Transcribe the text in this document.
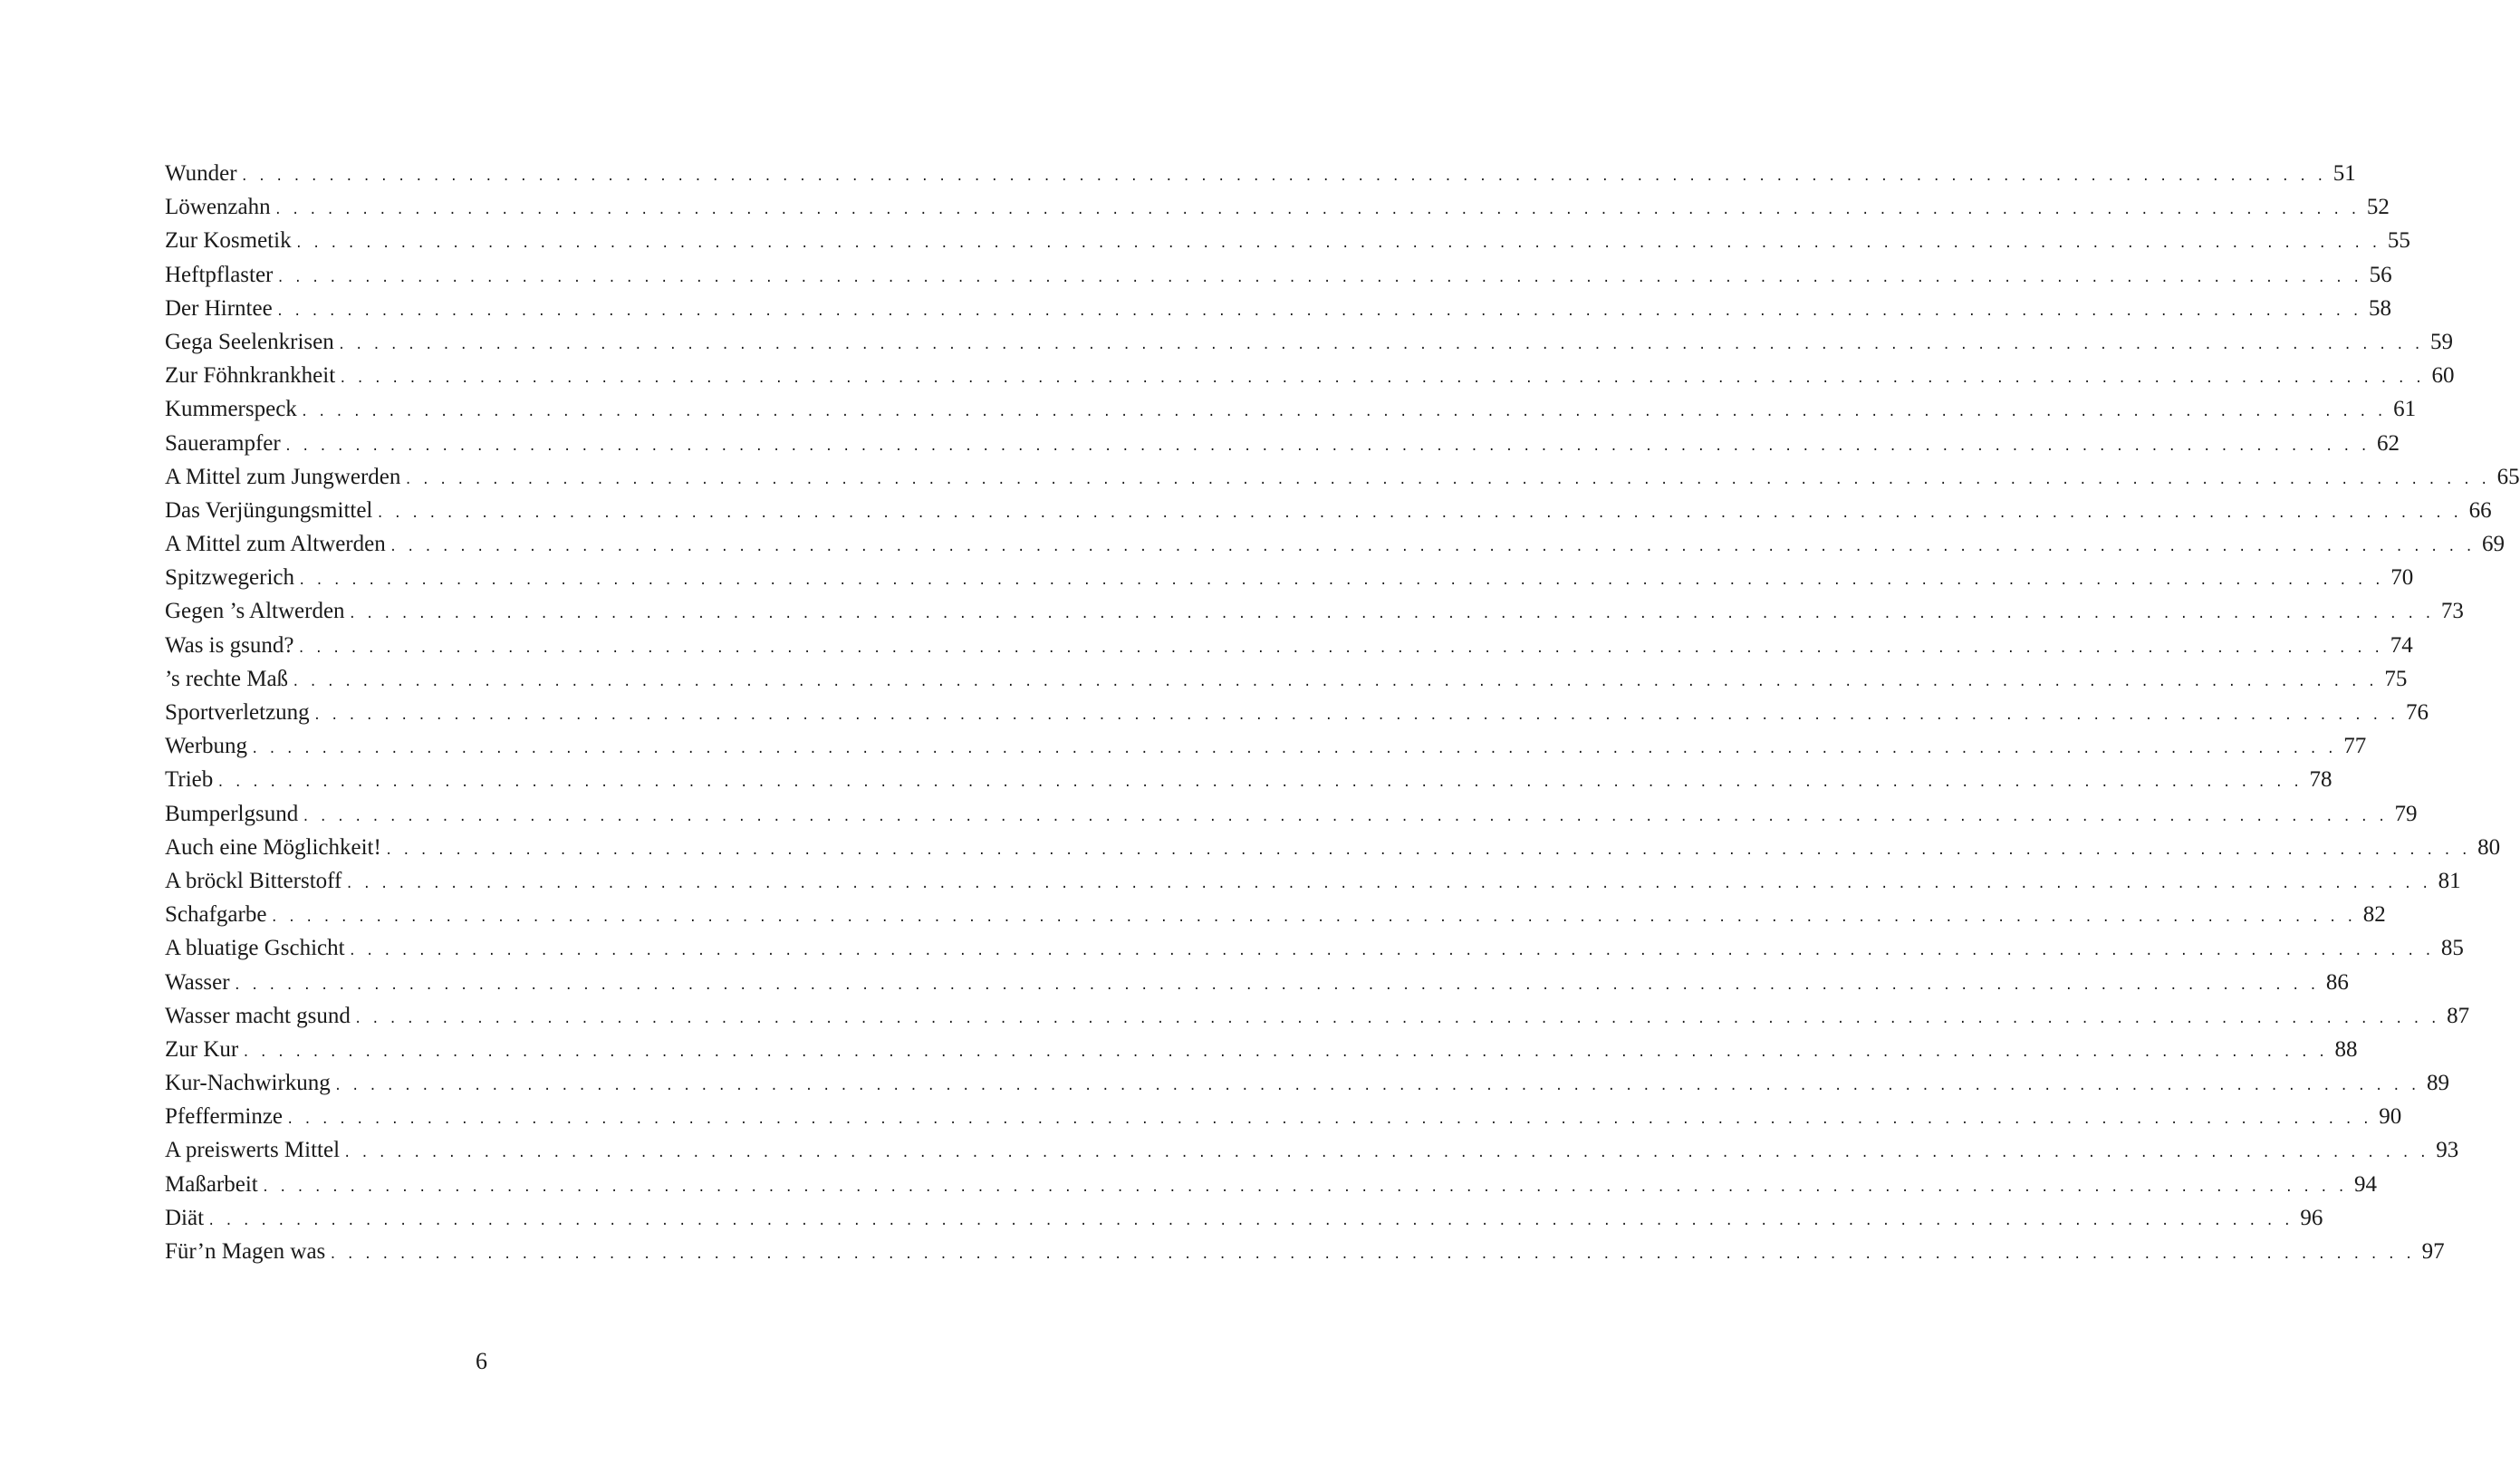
Wunder . . . . . . . . . . . . . . . . . . . . . . . . . . . . . . . . . . . . . . . . . . . . . . . . . . . . . . . . . . . . . . . . . . . . . . . . . . . . . . . . . . . . . . . . . . . . . . . . . . . . . . . . . . . . . . . . . . . . . . . . 51
Löwenzahn . . . . . . . . . . . . . . . . . . . . . . . . . . . . . . . . . . . . . . . . . . . . . . . . . . . . . . . . . . . . . . . . . . . . . . . . . . . . . . . . . . . . . . . . . . . . . . . . . . . . . . . . . . . . . . . . . . . . . . . . 52
Zur Kosmetik . . . . . . . . . . . . . . . . . . . . . . . . . . . . . . . . . . . . . . . . . . . . . . . . . . . . . . . . . . . . . . . . . . . . . . . . . . . . . . . . . . . . . . . . . . . . . . . . . . . . . . . . . . . . . . . . . . . . . . . . 55
Heftpflaster . . . . . . . . . . . . . . . . . . . . . . . . . . . . . . . . . . . . . . . . . . . . . . . . . . . . . . . . . . . . . . . . . . . . . . . . . . . . . . . . . . . . . . . . . . . . . . . . . . . . . . . . . . . . . . . . . . . . . . . . 56
Der Hirntee . . . . . . . . . . . . . . . . . . . . . . . . . . . . . . . . . . . . . . . . . . . . . . . . . . . . . . . . . . . . . . . . . . . . . . . . . . . . . . . . . . . . . . . . . . . . . . . . . . . . . . . . . . . . . . . . . . . . . . . . 58
Gega Seelenkrisen . . . . . . . . . . . . . . . . . . . . . . . . . . . . . . . . . . . . . . . . . . . . . . . . . . . . . . . . . . . . . . . . . . . . . . . . . . . . . . . . . . . . . . . . . . . . . . . . . . . . . . . . . . . . . . . . . . . . . . . . 59
Zur Föhnkrankheit . . . . . . . . . . . . . . . . . . . . . . . . . . . . . . . . . . . . . . . . . . . . . . . . . . . . . . . . . . . . . . . . . . . . . . . . . . . . . . . . . . . . . . . . . . . . . . . . . . . . . . . . . . . . . . . . . . . . . . . . 60
Kummerspeck . . . . . . . . . . . . . . . . . . . . . . . . . . . . . . . . . . . . . . . . . . . . . . . . . . . . . . . . . . . . . . . . . . . . . . . . . . . . . . . . . . . . . . . . . . . . . . . . . . . . . . . . . . . . . . . . . . . . . . . . 61
Sauerampfer . . . . . . . . . . . . . . . . . . . . . . . . . . . . . . . . . . . . . . . . . . . . . . . . . . . . . . . . . . . . . . . . . . . . . . . . . . . . . . . . . . . . . . . . . . . . . . . . . . . . . . . . . . . . . . . . . . . . . . . . 62
A Mittel zum Jungwerden . . . . . . . . . . . . . . . . . . . . . . . . . . . . . . . . . . . . . . . . . . . . . . . . . . . . . . . . . . . . . . . . . . . . . . . . . . . . . . . . . . . . . . . . . . . . . . . . . . . . . . . . . . . . . . . . . . . . . . . . 65
Das Verjüngungsmittel . . . . . . . . . . . . . . . . . . . . . . . . . . . . . . . . . . . . . . . . . . . . . . . . . . . . . . . . . . . . . . . . . . . . . . . . . . . . . . . . . . . . . . . . . . . . . . . . . . . . . . . . . . . . . . . . . . . . . . . . 66
A Mittel zum Altwerden . . . . . . . . . . . . . . . . . . . . . . . . . . . . . . . . . . . . . . . . . . . . . . . . . . . . . . . . . . . . . . . . . . . . . . . . . . . . . . . . . . . . . . . . . . . . . . . . . . . . . . . . . . . . . . . . . . . . . . . . 69
Spitzwegerich . . . . . . . . . . . . . . . . . . . . . . . . . . . . . . . . . . . . . . . . . . . . . . . . . . . . . . . . . . . . . . . . . . . . . . . . . . . . . . . . . . . . . . . . . . . . . . . . . . . . . . . . . . . . . . . . . . . . . . . . 70
Gegen ’s Altwerden . . . . . . . . . . . . . . . . . . . . . . . . . . . . . . . . . . . . . . . . . . . . . . . . . . . . . . . . . . . . . . . . . . . . . . . . . . . . . . . . . . . . . . . . . . . . . . . . . . . . . . . . . . . . . . . . . . . . . . . . 73
Was is gsund? . . . . . . . . . . . . . . . . . . . . . . . . . . . . . . . . . . . . . . . . . . . . . . . . . . . . . . . . . . . . . . . . . . . . . . . . . . . . . . . . . . . . . . . . . . . . . . . . . . . . . . . . . . . . . . . . . . . . . . . . 74
’s rechte Maß . . . . . . . . . . . . . . . . . . . . . . . . . . . . . . . . . . . . . . . . . . . . . . . . . . . . . . . . . . . . . . . . . . . . . . . . . . . . . . . . . . . . . . . . . . . . . . . . . . . . . . . . . . . . . . . . . . . . . . . . 75
Sportverletzung . . . . . . . . . . . . . . . . . . . . . . . . . . . . . . . . . . . . . . . . . . . . . . . . . . . . . . . . . . . . . . . . . . . . . . . . . . . . . . . . . . . . . . . . . . . . . . . . . . . . . . . . . . . . . . . . . . . . . . . . 76
Werbung . . . . . . . . . . . . . . . . . . . . . . . . . . . . . . . . . . . . . . . . . . . . . . . . . . . . . . . . . . . . . . . . . . . . . . . . . . . . . . . . . . . . . . . . . . . . . . . . . . . . . . . . . . . . . . . . . . . . . . . . 77
Trieb . . . . . . . . . . . . . . . . . . . . . . . . . . . . . . . . . . . . . . . . . . . . . . . . . . . . . . . . . . . . . . . . . . . . . . . . . . . . . . . . . . . . . . . . . . . . . . . . . . . . . . . . . . . . . . . . . . . . . . . . 78
Bumperlgsund . . . . . . . . . . . . . . . . . . . . . . . . . . . . . . . . . . . . . . . . . . . . . . . . . . . . . . . . . . . . . . . . . . . . . . . . . . . . . . . . . . . . . . . . . . . . . . . . . . . . . . . . . . . . . . . . . . . . . . . . 79
Auch eine Möglichkeit! . . . . . . . . . . . . . . . . . . . . . . . . . . . . . . . . . . . . . . . . . . . . . . . . . . . . . . . . . . . . . . . . . . . . . . . . . . . . . . . . . . . . . . . . . . . . . . . . . . . . . . . . . . . . . . . . . . . . . . . . 80
A bröckl Bitterstoff . . . . . . . . . . . . . . . . . . . . . . . . . . . . . . . . . . . . . . . . . . . . . . . . . . . . . . . . . . . . . . . . . . . . . . . . . . . . . . . . . . . . . . . . . . . . . . . . . . . . . . . . . . . . . . . . . . . . . . . . 81
Schafgarbe . . . . . . . . . . . . . . . . . . . . . . . . . . . . . . . . . . . . . . . . . . . . . . . . . . . . . . . . . . . . . . . . . . . . . . . . . . . . . . . . . . . . . . . . . . . . . . . . . . . . . . . . . . . . . . . . . . . . . . . . 82
A bluatige Gschicht . . . . . . . . . . . . . . . . . . . . . . . . . . . . . . . . . . . . . . . . . . . . . . . . . . . . . . . . . . . . . . . . . . . . . . . . . . . . . . . . . . . . . . . . . . . . . . . . . . . . . . . . . . . . . . . . . . . . . . . . 85
Wasser . . . . . . . . . . . . . . . . . . . . . . . . . . . . . . . . . . . . . . . . . . . . . . . . . . . . . . . . . . . . . . . . . . . . . . . . . . . . . . . . . . . . . . . . . . . . . . . . . . . . . . . . . . . . . . . . . . . . . . . . 86
Wasser macht gsund . . . . . . . . . . . . . . . . . . . . . . . . . . . . . . . . . . . . . . . . . . . . . . . . . . . . . . . . . . . . . . . . . . . . . . . . . . . . . . . . . . . . . . . . . . . . . . . . . . . . . . . . . . . . . . . . . . . . . . . . 87
Zur Kur . . . . . . . . . . . . . . . . . . . . . . . . . . . . . . . . . . . . . . . . . . . . . . . . . . . . . . . . . . . . . . . . . . . . . . . . . . . . . . . . . . . . . . . . . . . . . . . . . . . . . . . . . . . . . . . . . . . . . . . . 88
Kur-Nachwirkung . . . . . . . . . . . . . . . . . . . . . . . . . . . . . . . . . . . . . . . . . . . . . . . . . . . . . . . . . . . . . . . . . . . . . . . . . . . . . . . . . . . . . . . . . . . . . . . . . . . . . . . . . . . . . . . . . . . . . . . . 89
Pfefferminze . . . . . . . . . . . . . . . . . . . . . . . . . . . . . . . . . . . . . . . . . . . . . . . . . . . . . . . . . . . . . . . . . . . . . . . . . . . . . . . . . . . . . . . . . . . . . . . . . . . . . . . . . . . . . . . . . . . . . . . . 90
A preiswerts Mittel . . . . . . . . . . . . . . . . . . . . . . . . . . . . . . . . . . . . . . . . . . . . . . . . . . . . . . . . . . . . . . . . . . . . . . . . . . . . . . . . . . . . . . . . . . . . . . . . . . . . . . . . . . . . . . . . . . . . . . . . 93
Maßarbeit . . . . . . . . . . . . . . . . . . . . . . . . . . . . . . . . . . . . . . . . . . . . . . . . . . . . . . . . . . . . . . . . . . . . . . . . . . . . . . . . . . . . . . . . . . . . . . . . . . . . . . . . . . . . . . . . . . . . . . . . 94
Diät . . . . . . . . . . . . . . . . . . . . . . . . . . . . . . . . . . . . . . . . . . . . . . . . . . . . . . . . . . . . . . . . . . . . . . . . . . . . . . . . . . . . . . . . . . . . . . . . . . . . . . . . . . . . . . . . . . . . . . . . 96
Für’n Magen was . . . . . . . . . . . . . . . . . . . . . . . . . . . . . . . . . . . . . . . . . . . . . . . . . . . . . . . . . . . . . . . . . . . . . . . . . . . . . . . . . . . . . . . . . . . . . . . . . . . . . . . . . . . . . . . . . . . . . . . . 97
6
